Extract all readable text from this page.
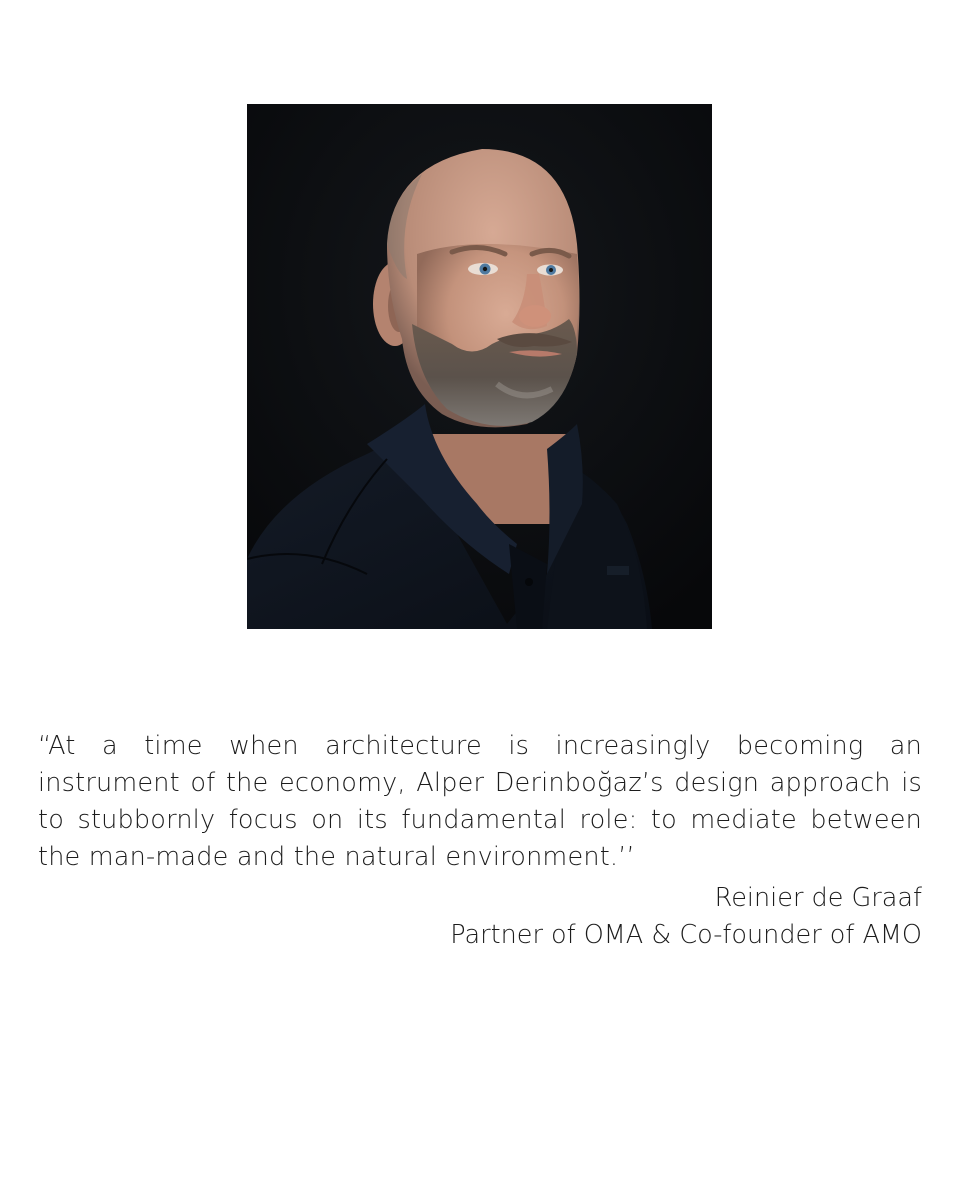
“At a time when architecture is increasingly becoming an instrument of the economy, Alper Derinboğaz’s design approach is to stubbornly focus on its fundamental role: to mediate between the man-made and the natural environment.’’

Reinier de Graaf
Partner of OMA & Co-founder of AMO
